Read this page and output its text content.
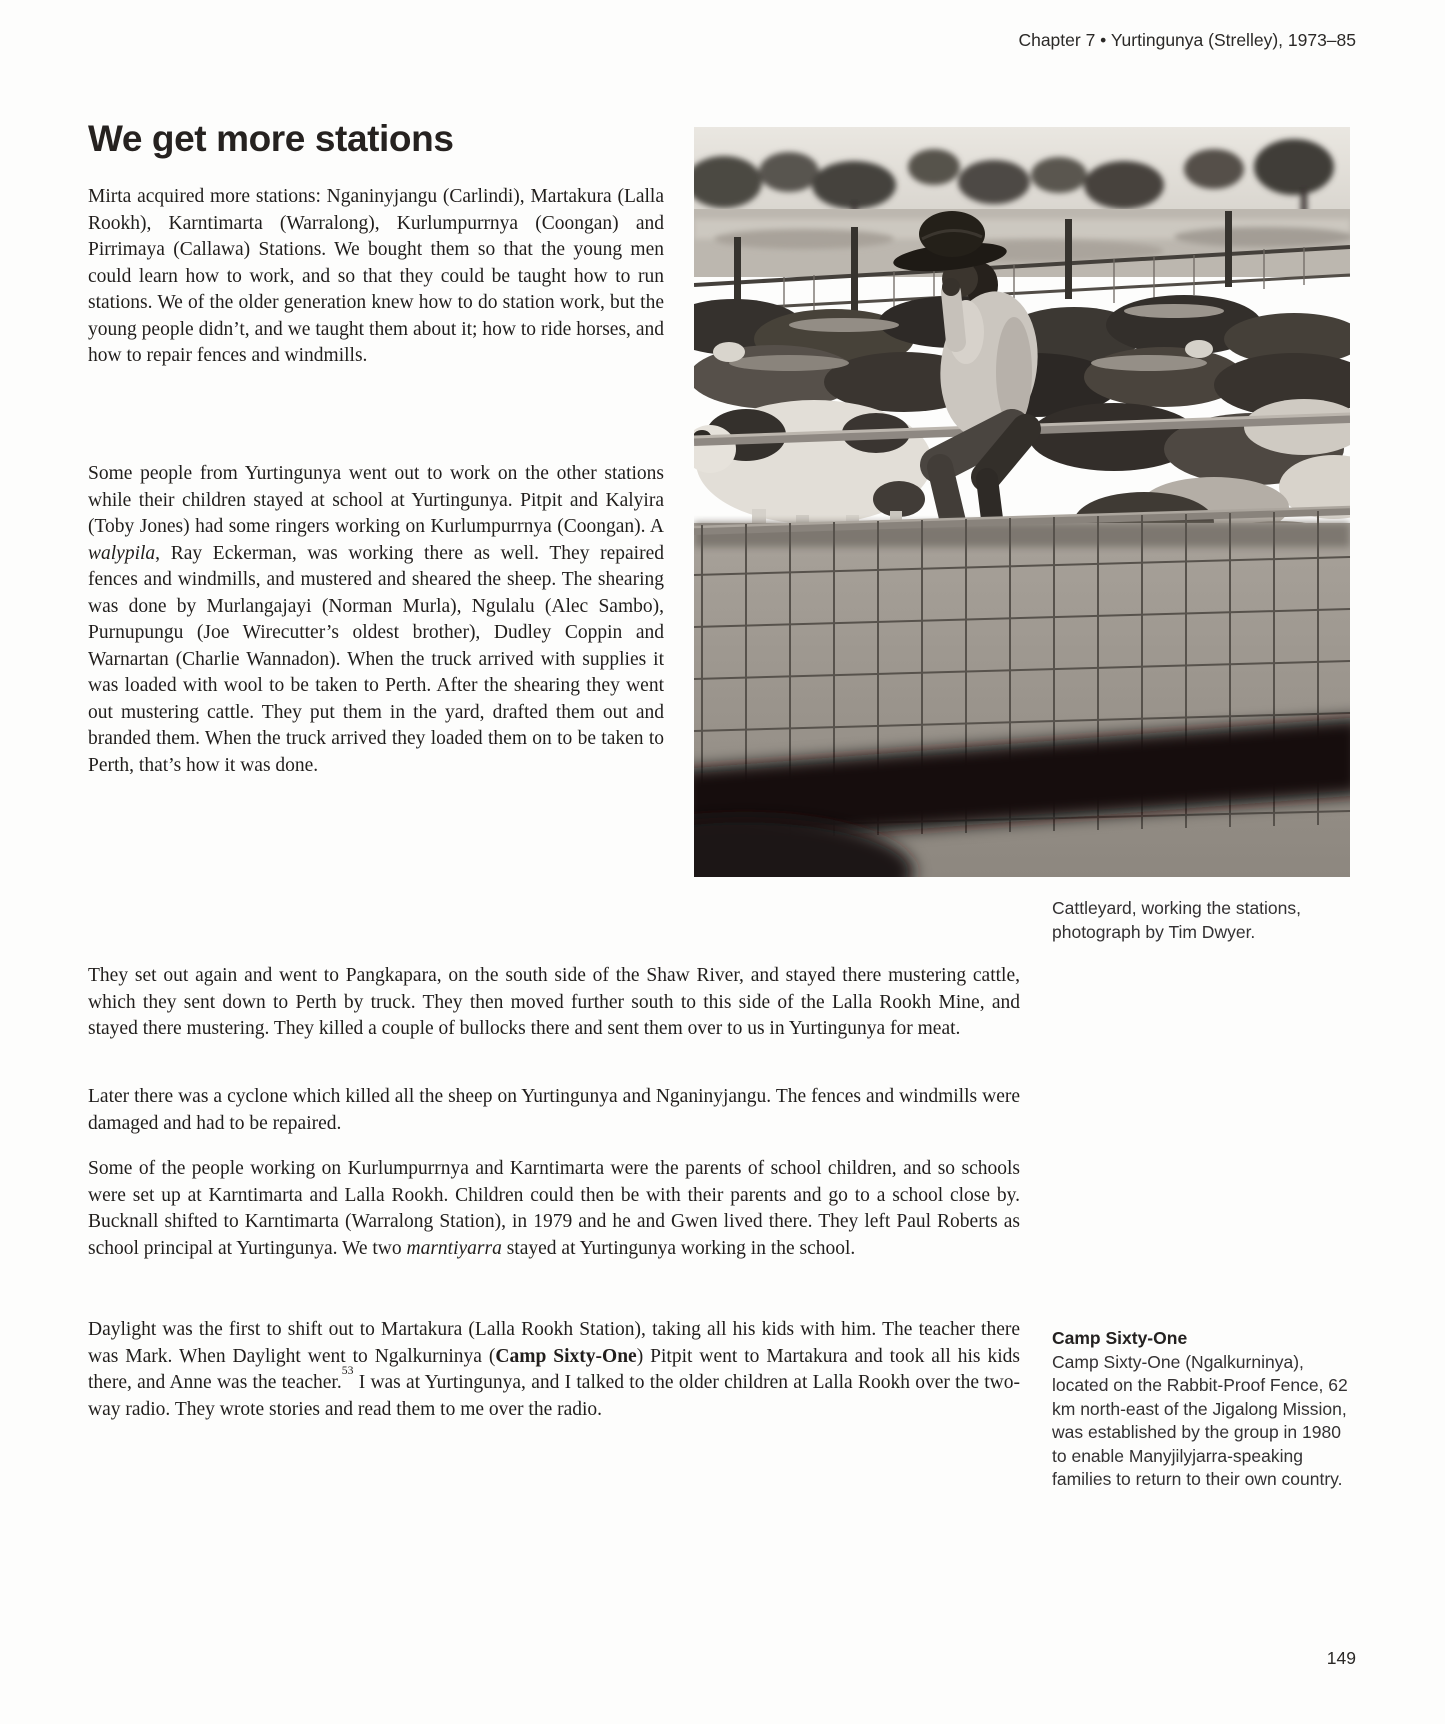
Chapter 7 • Yurtingunya (Strelley), 1973–85
We get more stations

Mirta acquired more stations: Nganinyjangu (Carlindi), Martakura (Lalla Rookh), Karntimarta (Warralong), Kurlumpurrnya (Coongan) and Pirrimaya (Callawa) Stations. We bought them so that the young men could learn how to work, and so that they could be taught how to run stations. We of the older generation knew how to do station work, but the young people didn’t, and we taught them about it; how to ride horses, and how to repair fences and windmills.

Some people from Yurtingunya went out to work on the other stations while their children stayed at school at Yurtingunya. Pitpit and Kalyira (Toby Jones) had some ringers working on Kurlumpurrnya (Coongan). A walypila, Ray Eckerman, was working there as well. They repaired fences and windmills, and mustered and sheared the sheep. The shearing was done by Murlangajayi (Norman Murla), Ngulalu (Alec Sambo), Purnupungu (Joe Wirecutter’s oldest brother), Dudley Coppin and Warnartan (Charlie Wannadon). When the truck arrived with supplies it was loaded with wool to be taken to Perth. After the shearing they went out mustering cattle. They put them in the yard, drafted them out and branded them. When the truck arrived they loaded them on to be taken to Perth, that’s how it was done.

They set out again and went to Pangkapara, on the south side of the Shaw River, and stayed there mustering cattle, which they sent down to Perth by truck. They then moved further south to this side of the Lalla Rookh Mine, and stayed there mustering. They killed a couple of bullocks there and sent them over to us in Yurtingunya for meat.

Later there was a cyclone which killed all the sheep on Yurtingunya and Nganinyjangu. The fences and windmills were damaged and had to be repaired.

Some of the people working on Kurlumpurrnya and Karntimarta were the parents of school children, and so schools were set up at Karntimarta and Lalla Rookh. Children could then be with their parents and go to a school close by. Bucknall shifted to Karntimarta (Warralong Station), in 1979 and he and Gwen lived there. They left Paul Roberts as school principal at Yurtingunya. We two marntiyarra stayed at Yurtingunya working in the school.

Daylight was the first to shift out to Martakura (Lalla Rookh Station), taking all his kids with him. The teacher there was Mark. When Daylight went to Ngalkurninya (Camp Sixty-One) Pitpit went to Martakura and took all his kids there, and Anne was the teacher.$^{53}$ I was at Yurtingunya, and I talked to the older children at Lalla Rookh over the two-way radio. They wrote stories and read them to me over the radio.

Cattleyard, working the stations,
photograph by Tim Dwyer.
Camp Sixty-One
Camp Sixty-One (Ngalkurninya), located on the Rabbit-Proof Fence, 62 km north-east of the Jigalong Mission, was established by the group in 1980 to enable Manyjilyjarra-speaking families to return to their own country.
149
